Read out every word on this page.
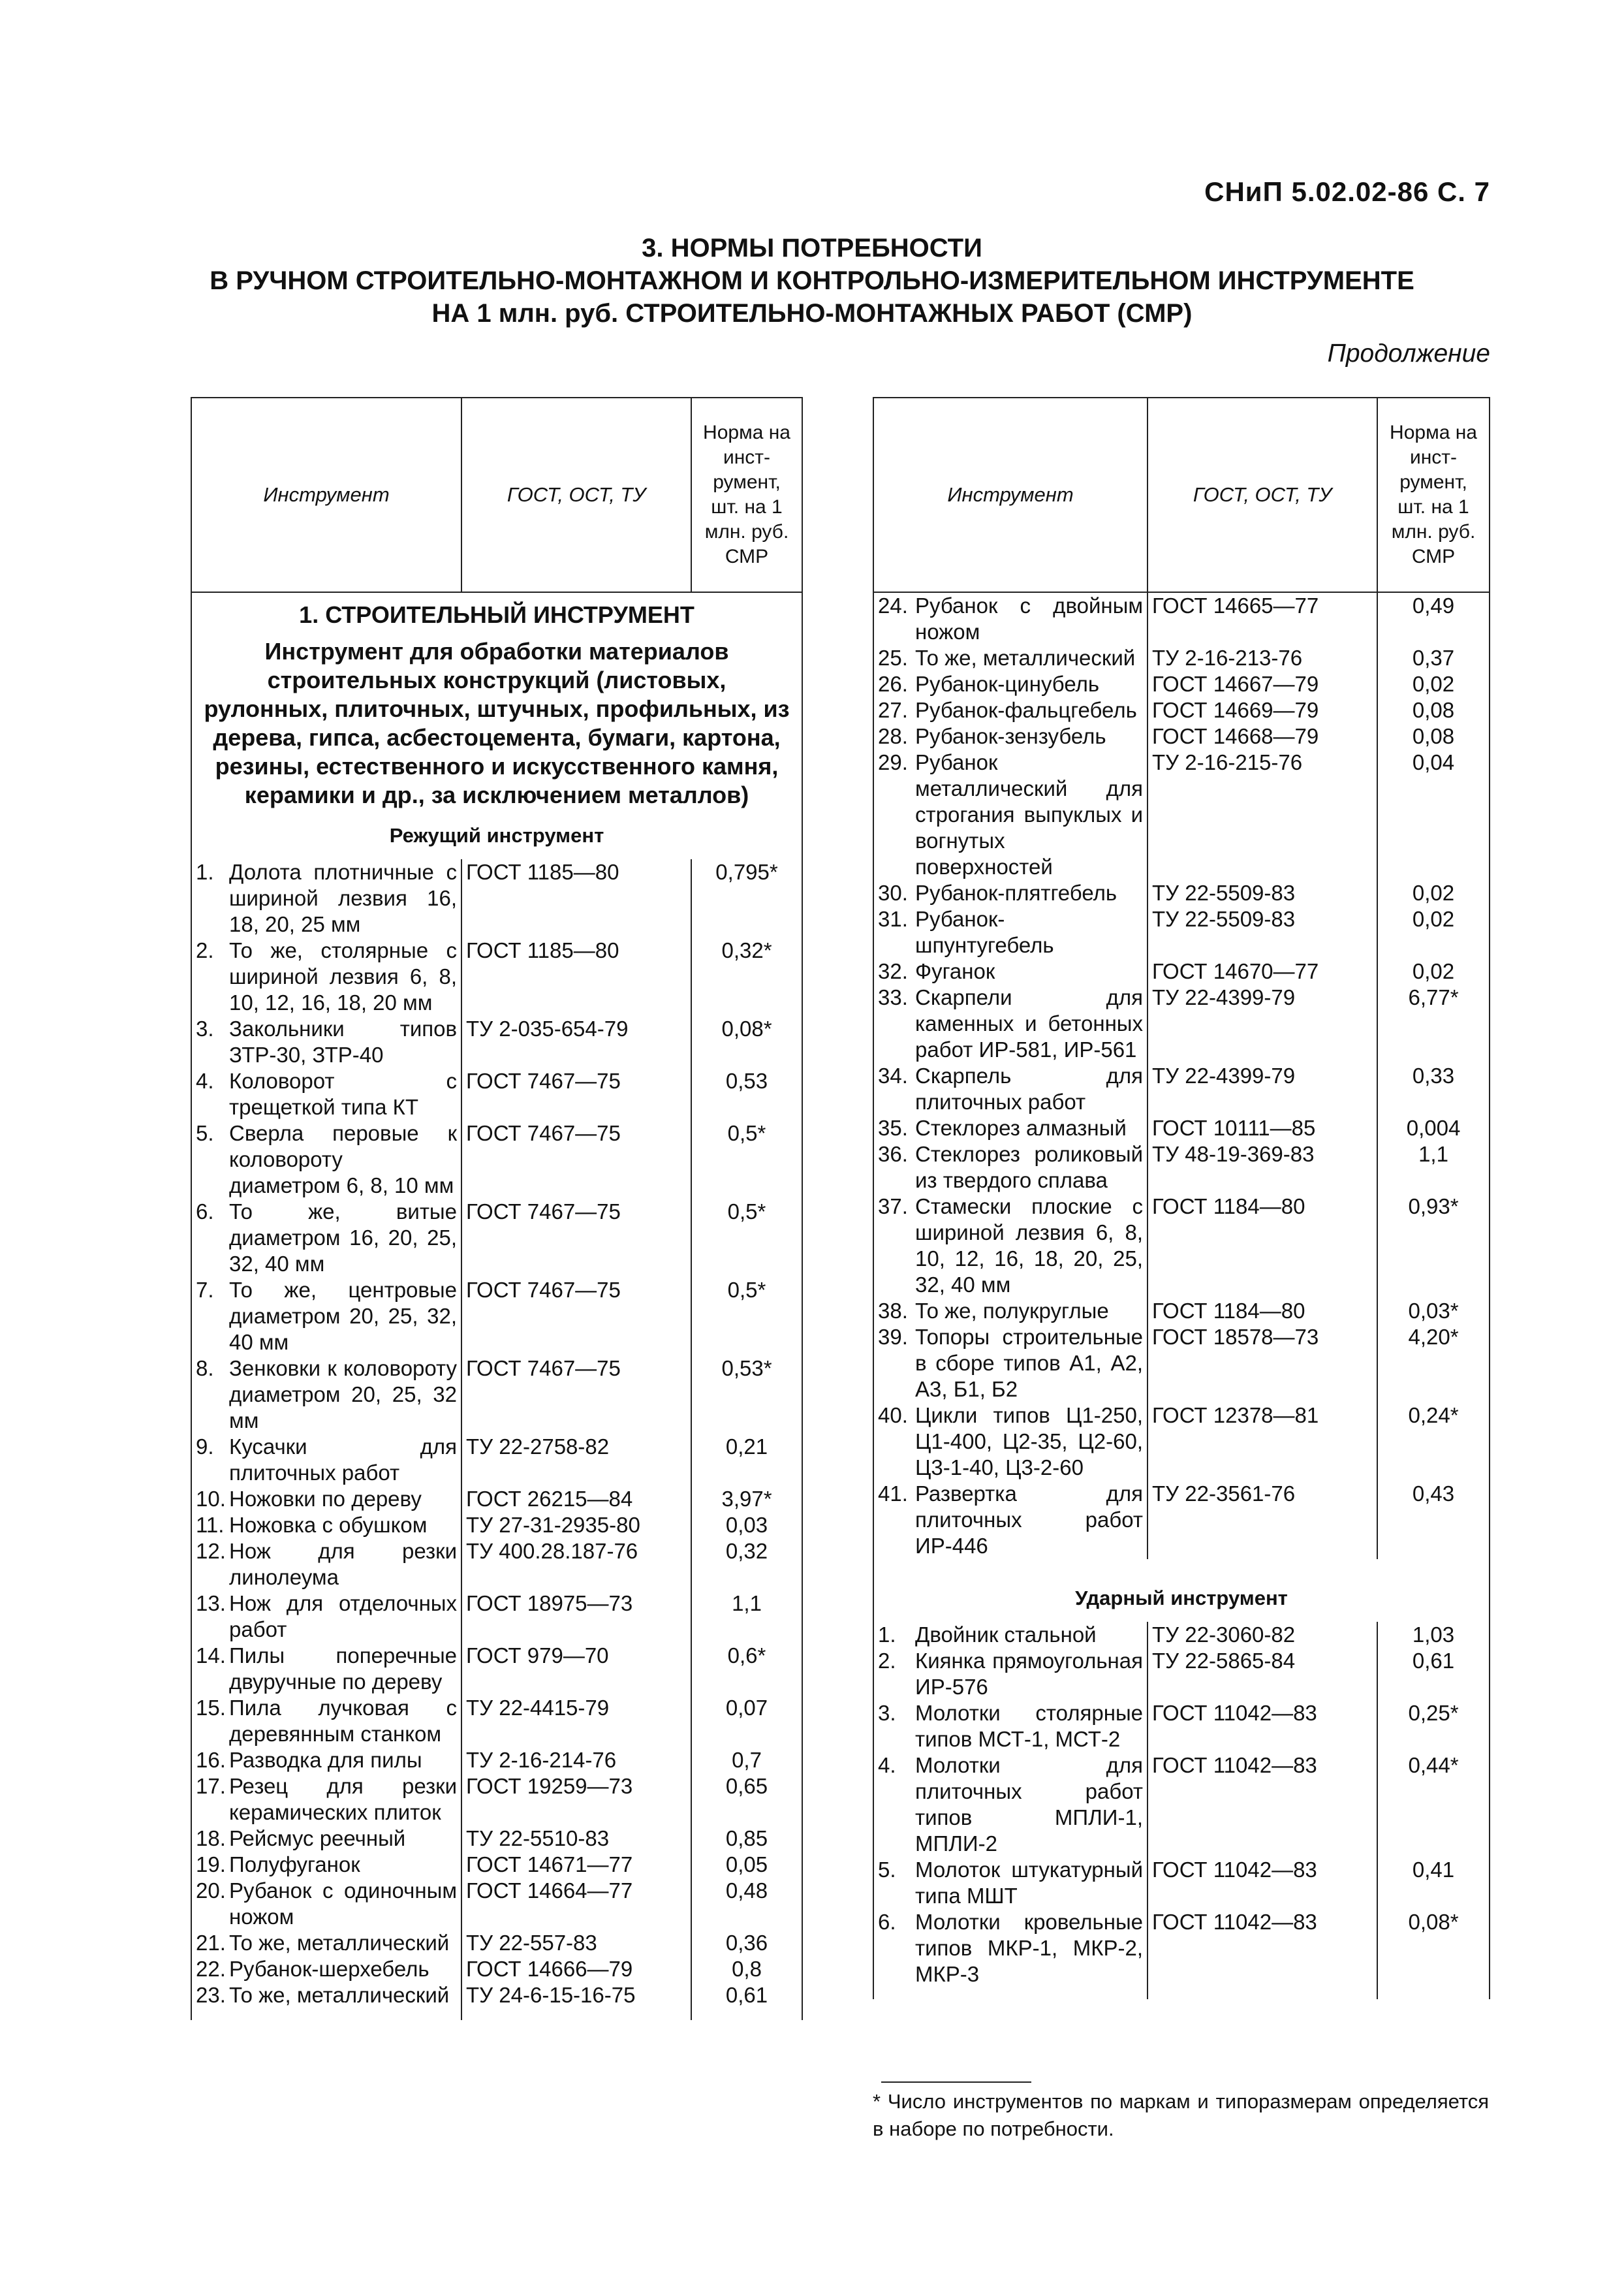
СНиП 5.02.02-86 С. 7
3. НОРМЫ ПОТРЕБНОСТИ
В РУЧНОМ СТРОИТЕЛЬНО-МОНТАЖНОМ И КОНТРОЛЬНО-ИЗМЕРИТЕЛЬНОМ ИНСТРУМЕНТЕ
НА 1 млн. руб. СТРОИТЕЛЬНО-МОНТАЖНЫХ РАБОТ (СМР)
Продолжение
Инструмент		ГОСТ, ОСТ, ТУ	Норма на инст-румент, шт. на 1 млн. руб. СМР
1. СТРОИТЕЛЬНЫЙ ИНСТРУМЕНТ			
Инструмент для обработки материалов строительных конструкций (листовых, рулонных, плиточных, штучных, профильных, из дерева, гипса, асбестоцемента, бумаги, картона, резины, естественного и искусственного камня, керамики и др., за исключением металлов)			
Режущий инструмент			
1.	Долота плотничные с шириной лезвия 16, 18, 20, 25 мм	ГОСТ 1185—80	0,795*
2.	То же, столярные с шириной лезвия 6, 8, 10, 12, 16, 18, 20 мм	ГОСТ 1185—80	0,32*
3.	Закольники типов ЗТР-30, ЗТР-40	ТУ 2-035-654-79	0,08*
4.	Коловорот с трещеткой типа КТ	ГОСТ 7467—75	0,53
5.	Сверла перовые к коловороту диаметром 6, 8, 10 мм	ГОСТ 7467—75	0,5*
6.	То же, витые диаметром 16, 20, 25, 32, 40 мм	ГОСТ 7467—75	0,5*
7.	То же, центровые диаметром 20, 25, 32, 40 мм	ГОСТ 7467—75	0,5*
8.	Зенковки к коловороту диаметром 20, 25, 32 мм	ГОСТ 7467—75	0,53*
9.	Кусачки для плиточных работ	ТУ 22-2758-82	0,21
10.	Ножовки по дереву	ГОСТ 26215—84	3,97*
11.	Ножовка с обушком	ТУ 27-31-2935-80	0,03
12.	Нож для резки линолеума	ТУ 400.28.187-76	0,32
13.	Нож для отделочных работ	ГОСТ 18975—73	1,1
14.	Пилы поперечные двуручные по дереву	ГОСТ 979—70	0,6*
15.	Пила лучковая с деревянным станком	ТУ 22-4415-79	0,07
16.	Разводка для пилы	ТУ 2-16-214-76	0,7
17.	Резец для резки керамических плиток	ГОСТ 19259—73	0,65
18.	Рейсмус реечный	ТУ 22-5510-83	0,85
19.	Полуфуганок	ГОСТ 14671—77	0,05
20.	Рубанок с одиночным ножом	ГОСТ 14664—77	0,48
21.	То же, металлический	ТУ 22-557-83	0,36
22.	Рубанок-шерхебель	ГОСТ 14666—79	0,8
23.	То же, металлический	ТУ 24-6-15-16-75	0,61
Инструмент		ГОСТ, ОСТ, ТУ	Норма на инст-румент, шт. на 1 млн. руб. СМР
24.	Рубанок с двойным ножом	ГОСТ 14665—77	0,49
25.	То же, металлический	ТУ 2-16-213-76	0,37
26.	Рубанок-цинубель	ГОСТ 14667—79	0,02
27.	Рубанок-фальцгебель	ГОСТ 14669—79	0,08
28.	Рубанок-зензубель	ГОСТ 14668—79	0,08
29.	Рубанок металлический для строгания выпуклых и вогнутых поверхностей	ТУ 2-16-215-76	0,04
30.	Рубанок-плятгебель	ТУ 22-5509-83	0,02
31.	Рубанок-шпунтугебель	ТУ 22-5509-83	0,02
32.	Фуганок	ГОСТ 14670—77	0,02
33.	Скарпели для каменных и бетонных работ ИР-581, ИР-561	ТУ 22-4399-79	6,77*
34.	Скарпель для плиточных работ	ТУ 22-4399-79	0,33
35.	Стеклорез алмазный	ГОСТ 10111—85	0,004
36.	Стеклорез роликовый из твердого сплава	ТУ 48-19-369-83	1,1
37.	Стамески плоские с шириной лезвия 6, 8, 10, 12, 16, 18, 20, 25, 32, 40 мм	ГОСТ 1184—80	0,93*
38.	То же, полукруглые	ГОСТ 1184—80	0,03*
39.	Топоры строительные в сборе типов А1, А2, А3, Б1, Б2	ГОСТ 18578—73	4,20*
40.	Цикли типов Ц1-250, Ц1-400, Ц2-35, Ц2-60, Ц3-1-40, Ц3-2-60	ГОСТ 12378—81	0,24*
41.	Развертка для плиточных работ ИР-446	ТУ 22-3561-76	0,43
Ударный инструмент			
1.	Двойник стальной	ТУ 22-3060-82	1,03
2.	Киянка прямоугольная ИР-576	ТУ 22-5865-84	0,61
3.	Молотки столярные типов МСТ-1, МСТ-2	ГОСТ 11042—83	0,25*
4.	Молотки для плиточных работ типов МПЛИ-1, МПЛИ-2	ГОСТ 11042—83	0,44*
5.	Молоток штукатурный типа МШТ	ГОСТ 11042—83	0,41
6.	Молотки кровельные типов МКР-1, МКР-2, МКР-3	ГОСТ 11042—83	0,08*
* Число инструментов по маркам и типоразмерам определяется в наборе по потребности.
